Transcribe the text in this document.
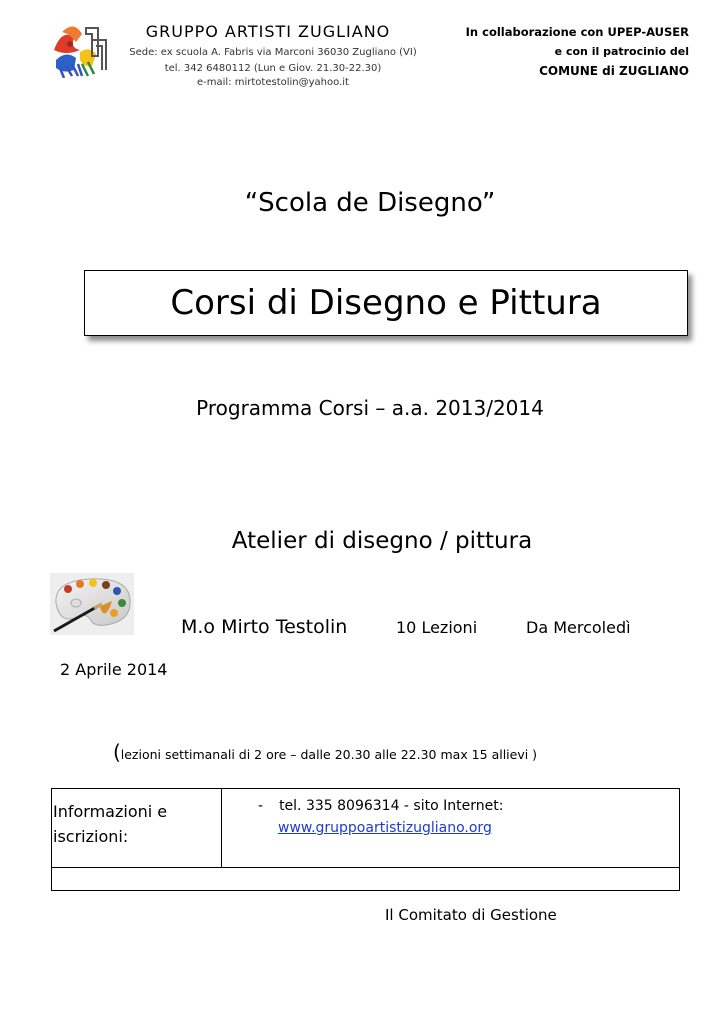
GRUPPO ARTISTI ZUGLIANO
Sede: ex scuola A. Fabris via Marconi 36030 Zugliano (VI)
tel. 342 6480112 (Lun e Giov. 21.30-22.30)
e-mail: mirtotestolin@yahoo.it
In collaborazione con UPEP-AUSER
e con il patrocinio del
COMUNE di ZUGLIANO
“Scola de Disegno”
Corsi di Disegno e Pittura
Programma Corsi – a.a. 2013/2014
Atelier di disegno / pittura
M.o Mirto Testolin	10 Lezioni	Da Mercoledì
2 Aprile 2014
(lezioni settimanali di 2 ore – dalle 20.30 alle 22.30 max 15 allievi )
Informazioni e iscrizioni:	- tel. 335 8096314 - sito Internet:
www.gruppoartistizugliano.org

Il Comitato di Gestione
